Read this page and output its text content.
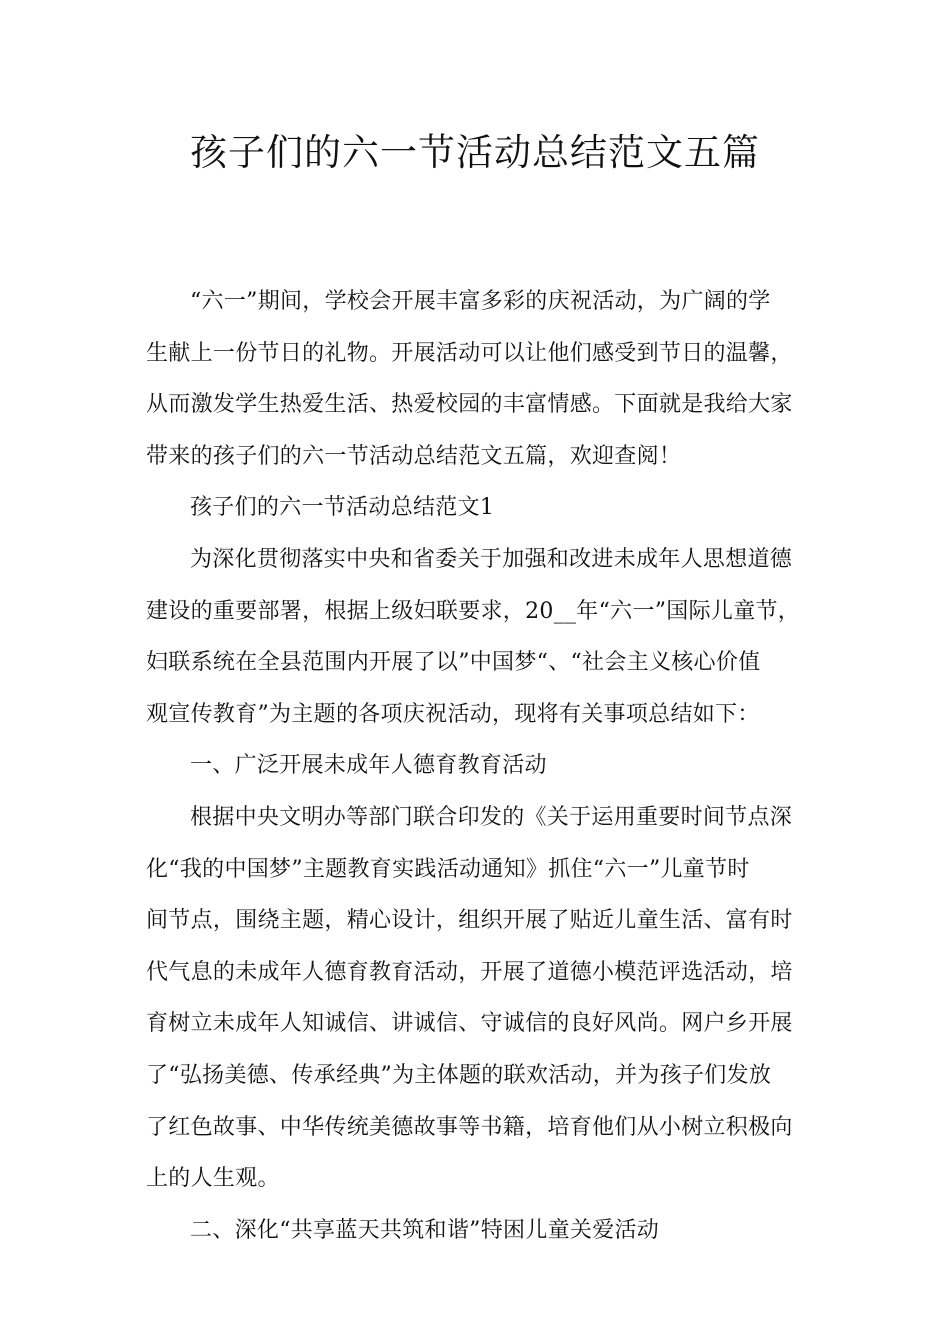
孩子们的六一节活动总结范文五篇
“六一”期间，学校会开展丰富多彩的庆祝活动，为广阔的学
生献上一份节日的礼物。开展活动可以让他们感受到节日的温馨，
从而激发学生热爱生活、热爱校园的丰富情感。下面就是我给大家
带来的孩子们的六一节活动总结范文五篇，欢迎查阅！
孩子们的六一节活动总结范文1
为深化贯彻落实中央和省委关于加强和改进未成年人思想道德
建设的重要部署，根据上级妇联要求，20__年“六一”国际儿童节，
妇联系统在全县范围内开展了以”中国梦“、“社会主义核心价值
观宣传教育”为主题的各项庆祝活动，现将有关事项总结如下：
一、广泛开展未成年人德育教育活动
根据中央文明办等部门联合印发的《关于运用重要时间节点深
化“我的中国梦”主题教育实践活动通知》抓住“六一”儿童节时
间节点，围绕主题，精心设计，组织开展了贴近儿童生活、富有时
代气息的未成年人德育教育活动，开展了道德小模范评选活动，培
育树立未成年人知诚信、讲诚信、守诚信的良好风尚。网户乡开展
了“弘扬美德、传承经典”为主体题的联欢活动，并为孩子们发放
了红色故事、中华传统美德故事等书籍，培育他们从小树立积极向
上的人生观。
二、深化“共享蓝天共筑和谐”特困儿童关爱活动
